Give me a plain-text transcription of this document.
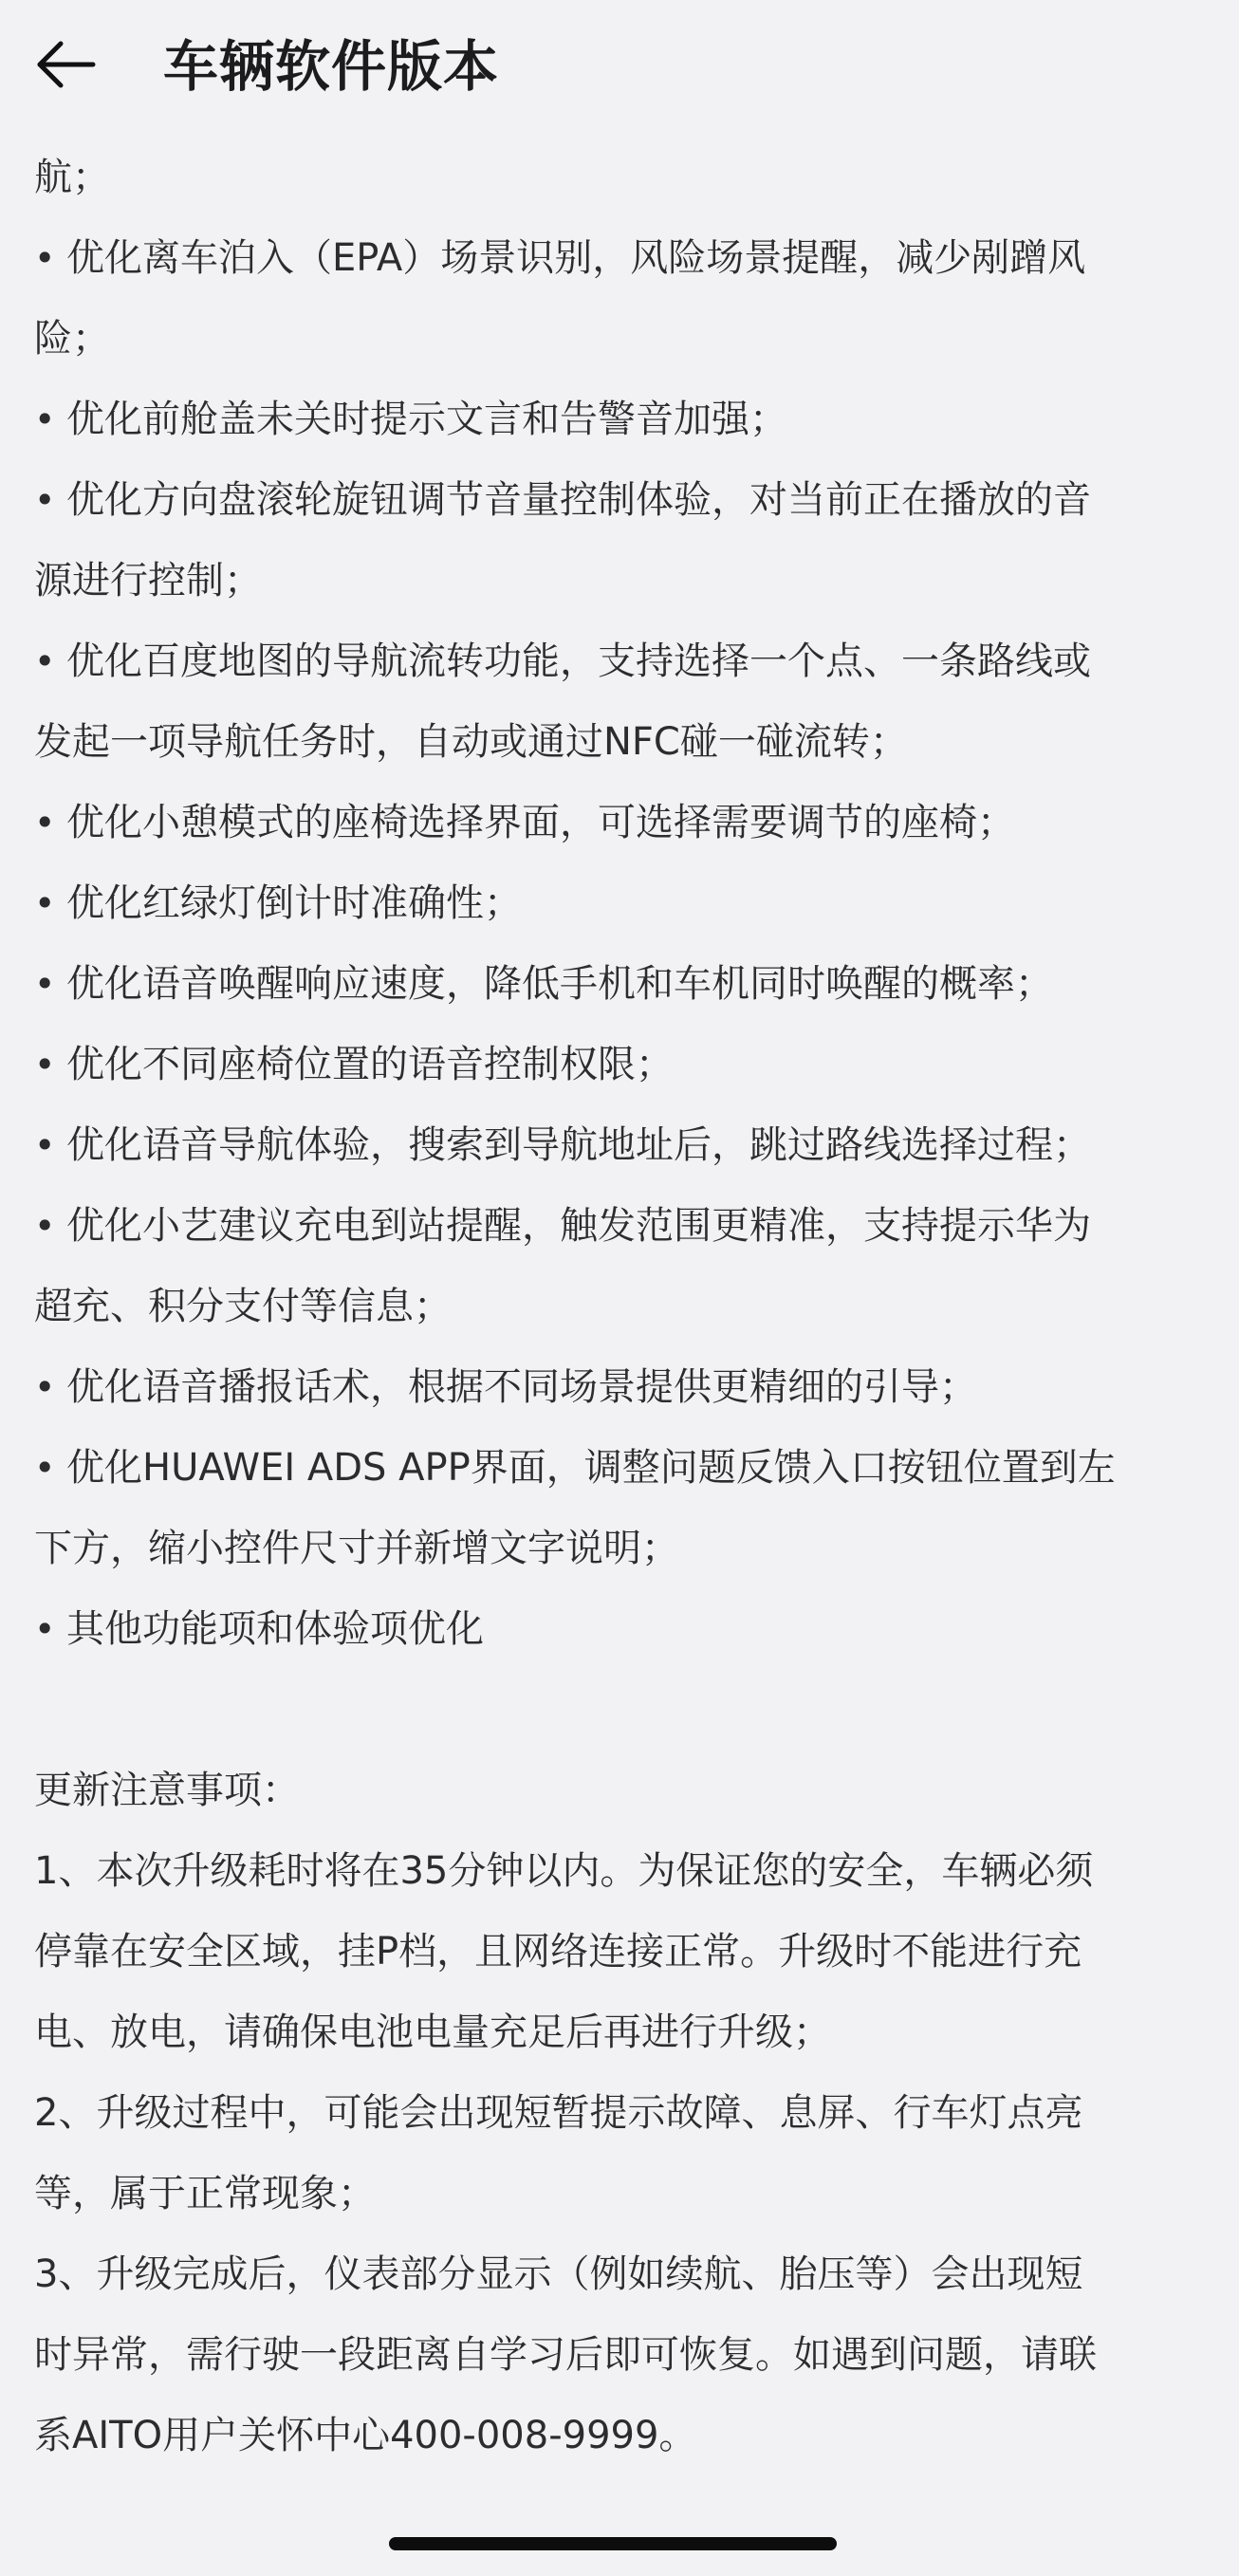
车辆软件版本
航；
• 优化离车泊入（EPA）场景识别，风险场景提醒，减少剐蹭风
险；
• 优化前舱盖未关时提示文言和告警音加强；
• 优化方向盘滚轮旋钮调节音量控制体验，对当前正在播放的音
源进行控制；
• 优化百度地图的导航流转功能，支持选择一个点、一条路线或
发起一项导航任务时，自动或通过NFC碰一碰流转；
• 优化小憩模式的座椅选择界面，可选择需要调节的座椅；
• 优化红绿灯倒计时准确性；
• 优化语音唤醒响应速度，降低手机和车机同时唤醒的概率；
• 优化不同座椅位置的语音控制权限；
• 优化语音导航体验，搜索到导航地址后，跳过路线选择过程；
• 优化小艺建议充电到站提醒，触发范围更精准，支持提示华为
超充、积分支付等信息；
• 优化语音播报话术，根据不同场景提供更精细的引导；
• 优化HUAWEI ADS APP界面，调整问题反馈入口按钮位置到左
下方，缩小控件尺寸并新增文字说明；
• 其他功能项和体验项优化
更新注意事项：
1、本次升级耗时将在35分钟以内。为保证您的安全，车辆必须
停靠在安全区域，挂P档，且网络连接正常。升级时不能进行充
电、放电，请确保电池电量充足后再进行升级；
2、升级过程中，可能会出现短暂提示故障、息屏、行车灯点亮
等，属于正常现象；
3、升级完成后，仪表部分显示（例如续航、胎压等）会出现短
时异常，需行驶一段距离自学习后即可恢复。如遇到问题，请联
系AITO用户关怀中心400-008-9999。
